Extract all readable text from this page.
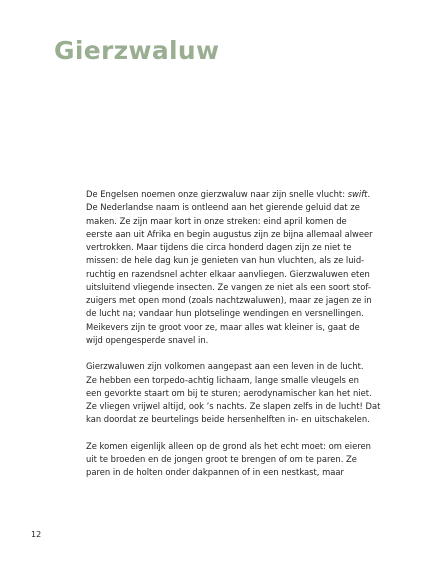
Gierzwaluw
De Engelsen noemen onze gierzwaluw naar zijn snelle vlucht: swift.
De Nederlandse naam is ontleend aan het gierende geluid dat ze
maken. Ze zijn maar kort in onze streken: eind april komen de
eerste aan uit Afrika en begin augustus zijn ze bijna allemaal alweer
vertrokken. Maar tijdens die circa honderd dagen zijn ze niet te
missen: de hele dag kun je genieten van hun vluchten, als ze luid-
ruchtig en razendsnel achter elkaar aanvliegen. Gierzwaluwen eten
uitsluitend vliegende insecten. Ze vangen ze niet als een soort stof-
zuigers met open mond (zoals nachtzwaluwen), maar ze jagen ze in
de lucht na; vandaar hun plotselinge wendingen en versnellingen.
Meikevers zijn te groot voor ze, maar alles wat kleiner is, gaat de
wijd opengesperde snavel in.
Gierzwaluwen zijn volkomen aangepast aan een leven in de lucht.
Ze hebben een torpedo-achtig lichaam, lange smalle vleugels en
een gevorkte staart om bij te sturen; aerodynamischer kan het niet.
Ze vliegen vrijwel altijd, ook ’s nachts. Ze slapen zelfs in de lucht! Dat
kan doordat ze beurtelings beide hersenhelften in- en uitschakelen.
Ze komen eigenlijk alleen op de grond als het echt moet: om eieren
uit te broeden en de jongen groot te brengen of om te paren. Ze
paren in de holten onder dakpannen of in een nestkast, maar
12
